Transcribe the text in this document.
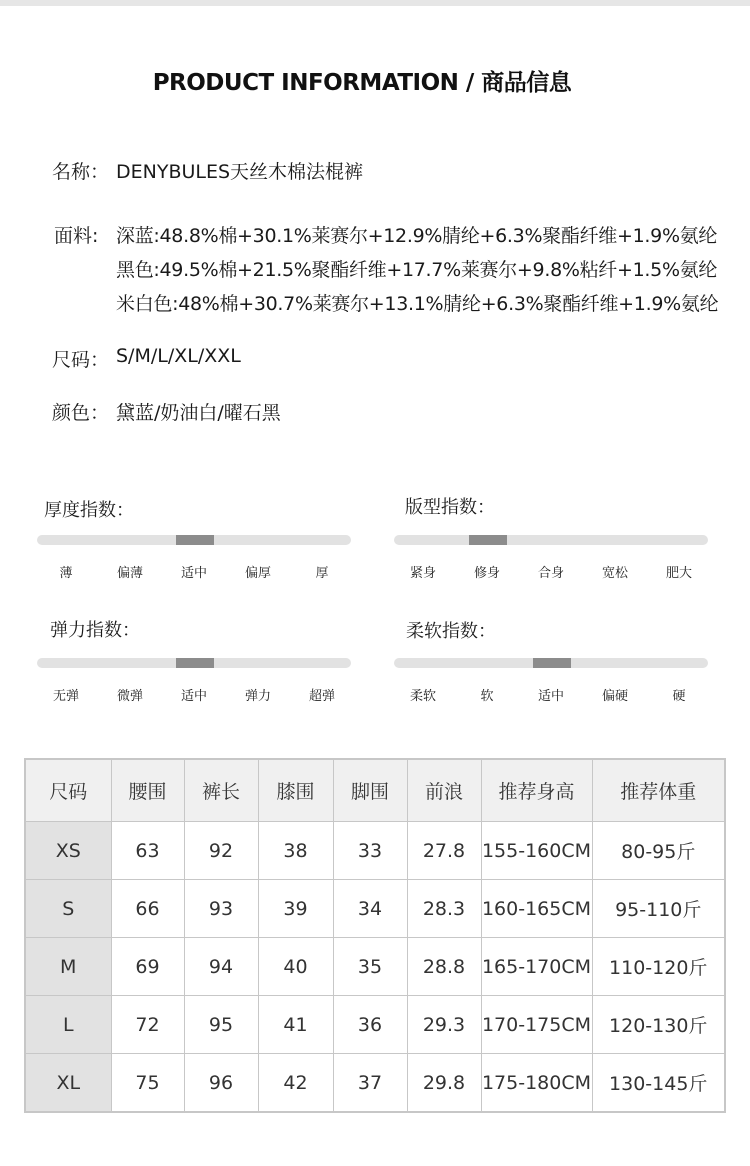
PRODUCT INFORMATION / 商品信息
名称： DENYBULES天丝木棉法棍裤
面料: 深蓝:48.8%棉+30.1%莱赛尔+12.9%腈纶+6.3%聚酯纤维+1.9%氨纶
黑色:49.5%棉+21.5%聚酯纤维+17.7%莱赛尔+9.8%粘纤+1.5%氨纶
米白色:48%棉+30.7%莱赛尔+13.1%腈纶+6.3%聚酯纤维+1.9%氨纶
尺码： S/M/L/XL/XXL
颜色： 黛蓝/奶油白/曜石黑
厚度指数：
薄	偏薄	适中	偏厚	厚
版型指数：
紧身	修身	合身	宽松	肥大
弹力指数：
无弹	微弹	适中	弹力	超弹
柔软指数：
柔软	软	适中	偏硬	硬
尺码	腰围	裤长	膝围	脚围	前浪	推荐身高	推荐体重
XS	63	92	38	33	27.8	155-160CM	80-95斤
S	66	93	39	34	28.3	160-165CM	95-110斤
M	69	94	40	35	28.8	165-170CM	110-120斤
L	72	95	41	36	29.3	170-175CM	120-130斤
XL	75	96	42	37	29.8	175-180CM	130-145斤
